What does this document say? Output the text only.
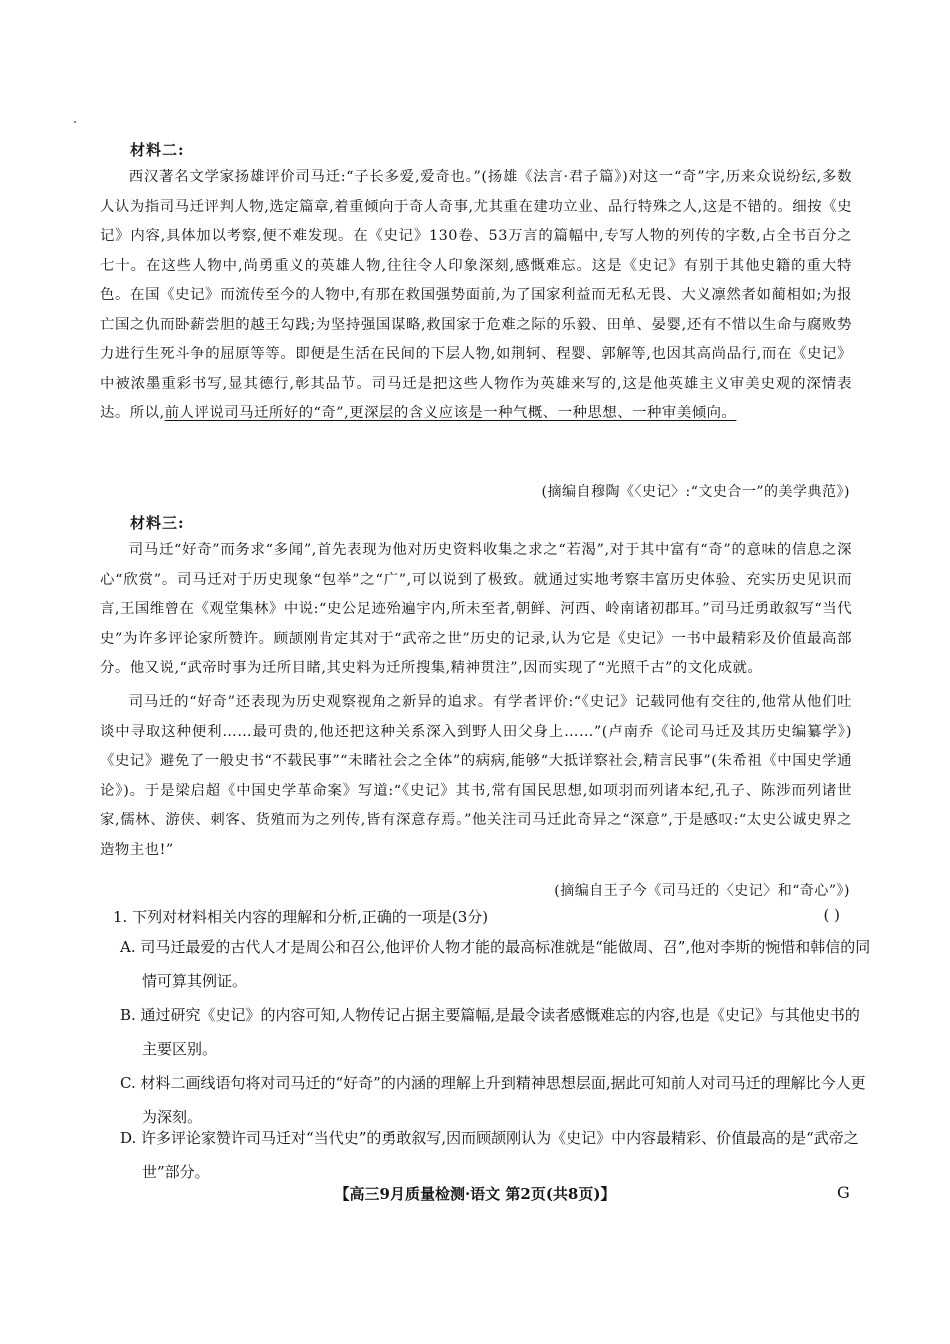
材料二:

西汉著名文学家扬雄评价司马迁:“子长多爱,爱奇也。”(扬雄《法言·君子篇》)对这一“奇”字,历来众说纷纭,多数人认为指司马迁评判人物,选定篇章,着重倾向于奇人奇事,尤其重在建功立业、品行特殊之人,这是不错的。细按《史记》内容,具体加以考察,便不难发现。在《史记》130卷、53万言的篇幅中,专写人物的列传的字数,占全书百分之七十。在这些人物中,尚勇重义的英雄人物,往往令人印象深刻,感慨难忘。这是《史记》有别于其他史籍的重大特色。在国《史记》而流传至今的人物中,有那在救国强势面前,为了国家利益而无私无畏、大义凛然者如蔺相如;为报亡国之仇而卧薪尝胆的越王勾践;为坚持强国谋略,救国家于危难之际的乐毅、田单、晏婴,还有不惜以生命与腐败势力进行生死斗争的屈原等等。即便是生活在民间的下层人物,如荆轲、程婴、郭解等,也因其高尚品行,而在《史记》中被浓墨重彩书写,显其德行,彰其品节。司马迁是把这些人物作为英雄来写的,这是他英雄主义审美史观的深情表达。所以,前人评说司马迁所好的“奇”,更深层的含义应该是一种气概、一种思想、一种审美倾向。

(摘编自穆陶《〈史记〉:“文史合一”的美学典范》)
材料三:

司马迁“好奇”而务求“多闻”,首先表现为他对历史资料收集之求之“若渴”,对于其中富有“奇”的意味的信息之深心“欣赏”。司马迁对于历史现象“包举”之“广”,可以说到了极致。就通过实地考察丰富历史体验、充实历史见识而言,王国维曾在《观堂集林》中说:“史公足迹殆遍宇内,所未至者,朝鲜、河西、岭南诸初郡耳。”司马迁勇敢叙写“当代史”为许多评论家所赞许。顾颉刚肯定其对于“武帝之世”历史的记录,认为它是《史记》一书中最精彩及价值最高部分。他又说,“武帝时事为迁所目睹,其史料为迁所搜集,精神贯注”,因而实现了“光照千古”的文化成就。

司马迁的“好奇”还表现为历史观察视角之新异的追求。有学者评价:“《史记》记载同他有交往的,他常从他们吐谈中寻取这种便利……最可贵的,他还把这种关系深入到野人田父身上……”(卢南乔《论司马迁及其历史编纂学》)《史记》避免了一般史书“不载民事”“未睹社会之全体”的病病,能够“大抵详察社会,精言民事”(朱希祖《中国史学通论》)。于是梁启超《中国史学革命案》写道:“《史记》其书,常有国民思想,如项羽而列诸本纪,孔子、陈涉而列诸世家,儒林、游侠、刺客、货殖而为之列传,皆有深意存焉。”他关注司马迁此奇异之“深意”,于是感叹:“太史公诚史界之造物主也!”

(摘编自王子今《司马迁的〈史记〉和“奇心”》)
1. 下列对材料相关内容的理解和分析,正确的一项是(3分)	( )

A. 司马迁最爱的古代人才是周公和召公,他评价人物才能的最高标准就是“能做周、召”,他对李斯的惋惜和韩信的同情可算其例证。

B. 通过研究《史记》的内容可知,人物传记占据主要篇幅,是最令读者感慨难忘的内容,也是《史记》与其他史书的主要区别。

C. 材料二画线语句将对司马迁的“好奇”的内涵的理解上升到精神思想层面,据此可知前人对司马迁的理解比今人更为深刻。

D. 许多评论家赞许司马迁对“当代史”的勇敢叙写,因而顾颉刚认为《史记》中内容最精彩、价值最高的是“武帝之世”部分。

【高三9月质量检测·语文 第2页(共8页)】	G
